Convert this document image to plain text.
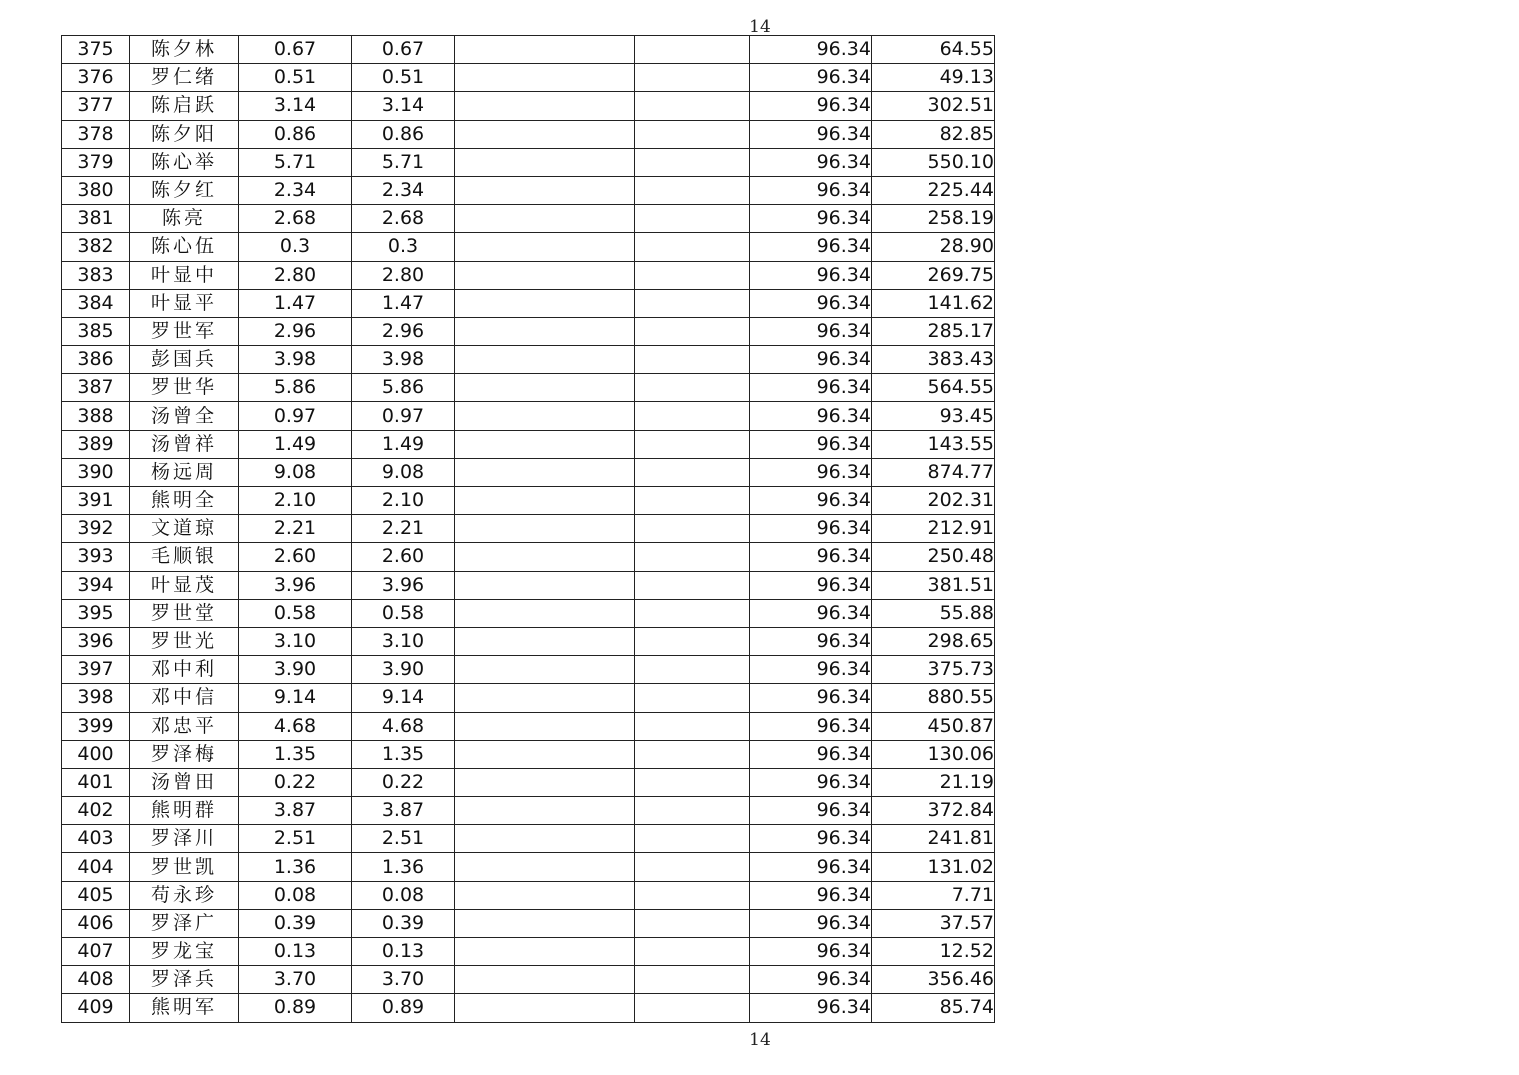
14
375	陈夕林	0.67	0.67			96.34	64.55
376	罗仁绪	0.51	0.51			96.34	49.13
377	陈启跃	3.14	3.14			96.34	302.51
378	陈夕阳	0.86	0.86			96.34	82.85
379	陈心举	5.71	5.71			96.34	550.10
380	陈夕红	2.34	2.34			96.34	225.44
381	陈亮	2.68	2.68			96.34	258.19
382	陈心伍	0.3	0.3			96.34	28.90
383	叶显中	2.80	2.80			96.34	269.75
384	叶显平	1.47	1.47			96.34	141.62
385	罗世军	2.96	2.96			96.34	285.17
386	彭国兵	3.98	3.98			96.34	383.43
387	罗世华	5.86	5.86			96.34	564.55
388	汤曾全	0.97	0.97			96.34	93.45
389	汤曾祥	1.49	1.49			96.34	143.55
390	杨远周	9.08	9.08			96.34	874.77
391	熊明全	2.10	2.10			96.34	202.31
392	文道琼	2.21	2.21			96.34	212.91
393	毛顺银	2.60	2.60			96.34	250.48
394	叶显茂	3.96	3.96			96.34	381.51
395	罗世堂	0.58	0.58			96.34	55.88
396	罗世光	3.10	3.10			96.34	298.65
397	邓中利	3.90	3.90			96.34	375.73
398	邓中信	9.14	9.14			96.34	880.55
399	邓忠平	4.68	4.68			96.34	450.87
400	罗泽梅	1.35	1.35			96.34	130.06
401	汤曾田	0.22	0.22			96.34	21.19
402	熊明群	3.87	3.87			96.34	372.84
403	罗泽川	2.51	2.51			96.34	241.81
404	罗世凯	1.36	1.36			96.34	131.02
405	苟永珍	0.08	0.08			96.34	7.71
406	罗泽广	0.39	0.39			96.34	37.57
407	罗龙宝	0.13	0.13			96.34	12.52
408	罗泽兵	3.70	3.70			96.34	356.46
409	熊明军	0.89	0.89			96.34	85.74
14
